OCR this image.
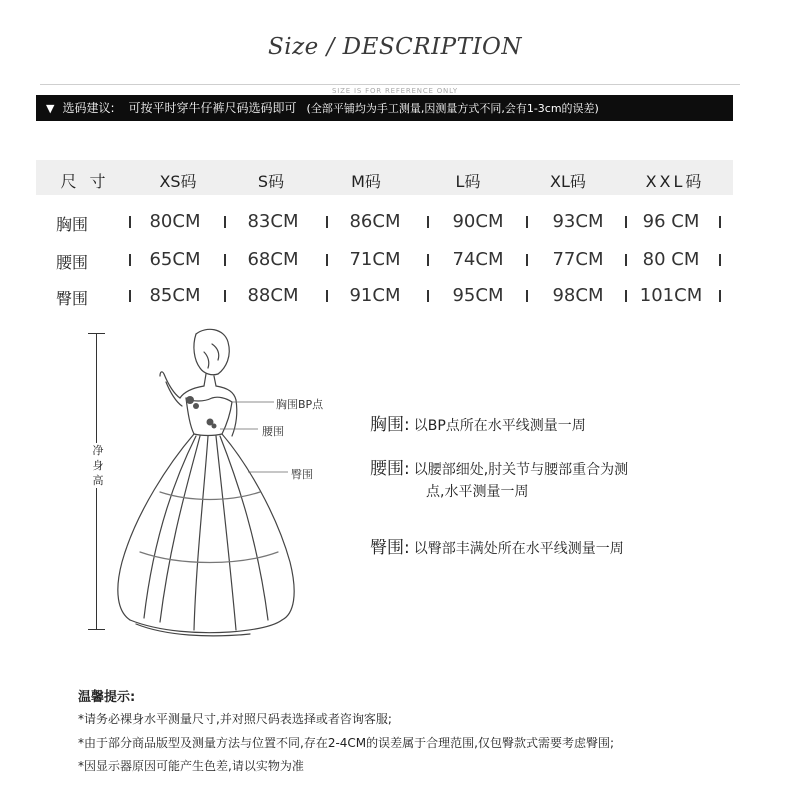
Size / DESCRIPTION
SIZE IS FOR REFERENCE ONLY
▼ 选码建议: 可按平时穿牛仔裤尺码选码即可 (全部平铺均为手工测量,因测量方式不同,会有1-3cm的误差)
尺 寸	XS码	S码	M码	L码	XL码	XXL码
胸围	80CM	83CM	86CM	90CM	93CM	96 CM
腰围	65CM	68CM	71CM	74CM	77CM	80 CM
臀围	85CM	88CM	91CM	95CM	98CM	101CM
净身高
胸围BP点
腰围
臀围
胸围: 以BP点所在水平线测量一周
腰围: 以腰部细处,肘关节与腰部重合为测
点,水平测量一周
臀围: 以臀部丰满处所在水平线测量一周
温馨提示:
*请务必裸身水平测量尺寸,并对照尺码表选择或者咨询客服;
*由于部分商品版型及测量方法与位置不同,存在2-4CM的误差属于合理范围,仅包臀款式需要考虑臀围;
*因显示器原因可能产生色差,请以实物为准
